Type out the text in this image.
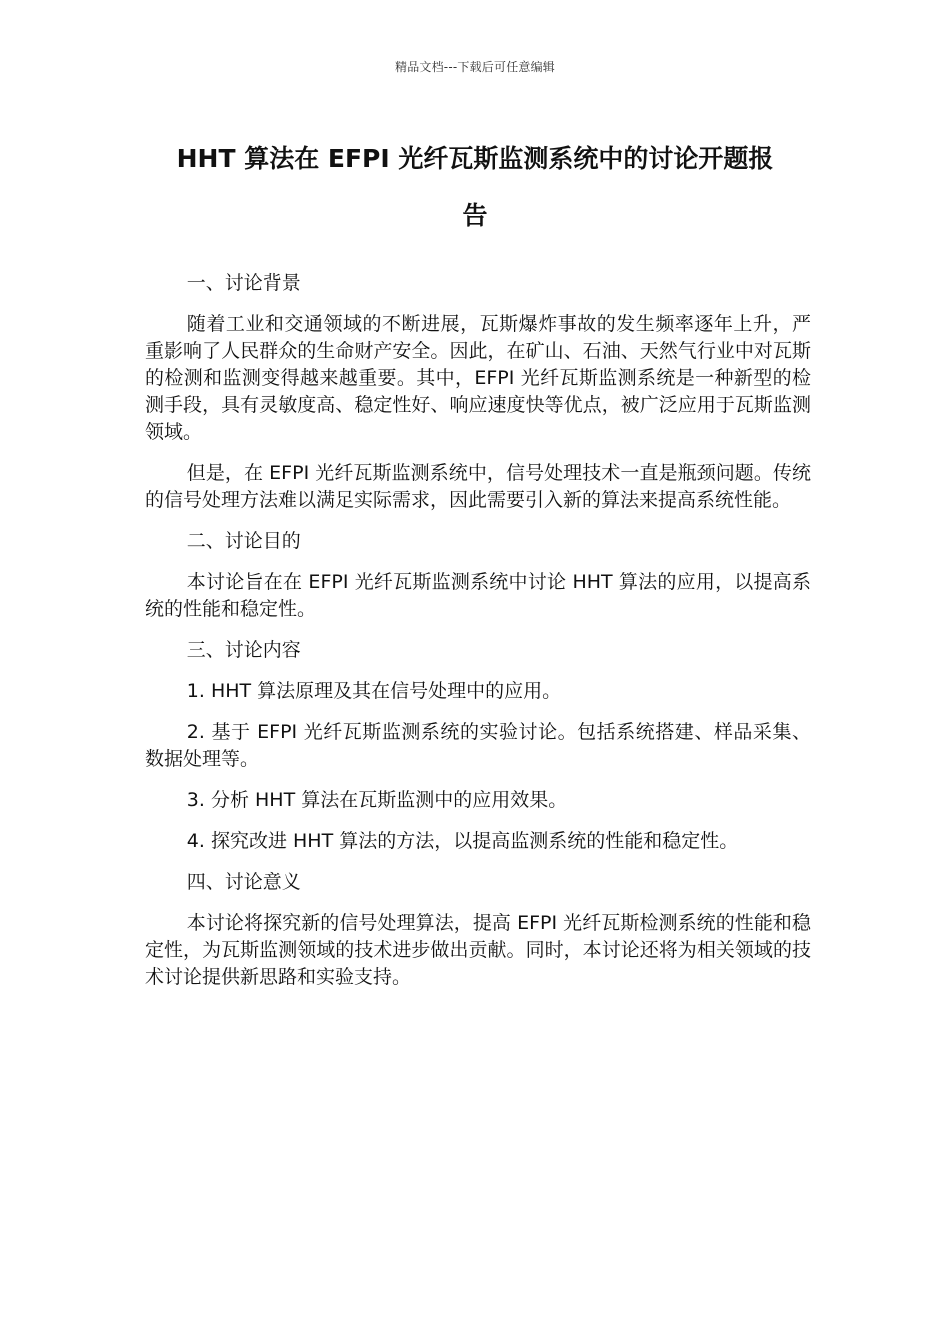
精品文档---下载后可任意编辑
HHT 算法在 EFPI 光纤瓦斯监测系统中的讨论开题报
告

一、讨论背景

随着工业和交通领域的不断进展，瓦斯爆炸事故的发生频率逐年上升，严重影响了人民群众的生命财产安全。因此，在矿山、石油、天然气行业中对瓦斯的检测和监测变得越来越重要。其中，EFPI 光纤瓦斯监测系统是一种新型的检测手段，具有灵敏度高、稳定性好、响应速度快等优点，被广泛应用于瓦斯监测领域。

但是，在 EFPI 光纤瓦斯监测系统中，信号处理技术一直是瓶颈问题。传统的信号处理方法难以满足实际需求，因此需要引入新的算法来提高系统性能。

二、讨论目的

本讨论旨在在 EFPI 光纤瓦斯监测系统中讨论 HHT 算法的应用，以提高系统的性能和稳定性。

三、讨论内容

1. HHT 算法原理及其在信号处理中的应用。

2. 基于 EFPI 光纤瓦斯监测系统的实验讨论。包括系统搭建、样品采集、数据处理等。

3. 分析 HHT 算法在瓦斯监测中的应用效果。

4. 探究改进 HHT 算法的方法，以提高监测系统的性能和稳定性。

四、讨论意义

本讨论将探究新的信号处理算法，提高 EFPI 光纤瓦斯检测系统的性能和稳定性，为瓦斯监测领域的技术进步做出贡献。同时，本讨论还将为相关领域的技术讨论提供新思路和实验支持。
